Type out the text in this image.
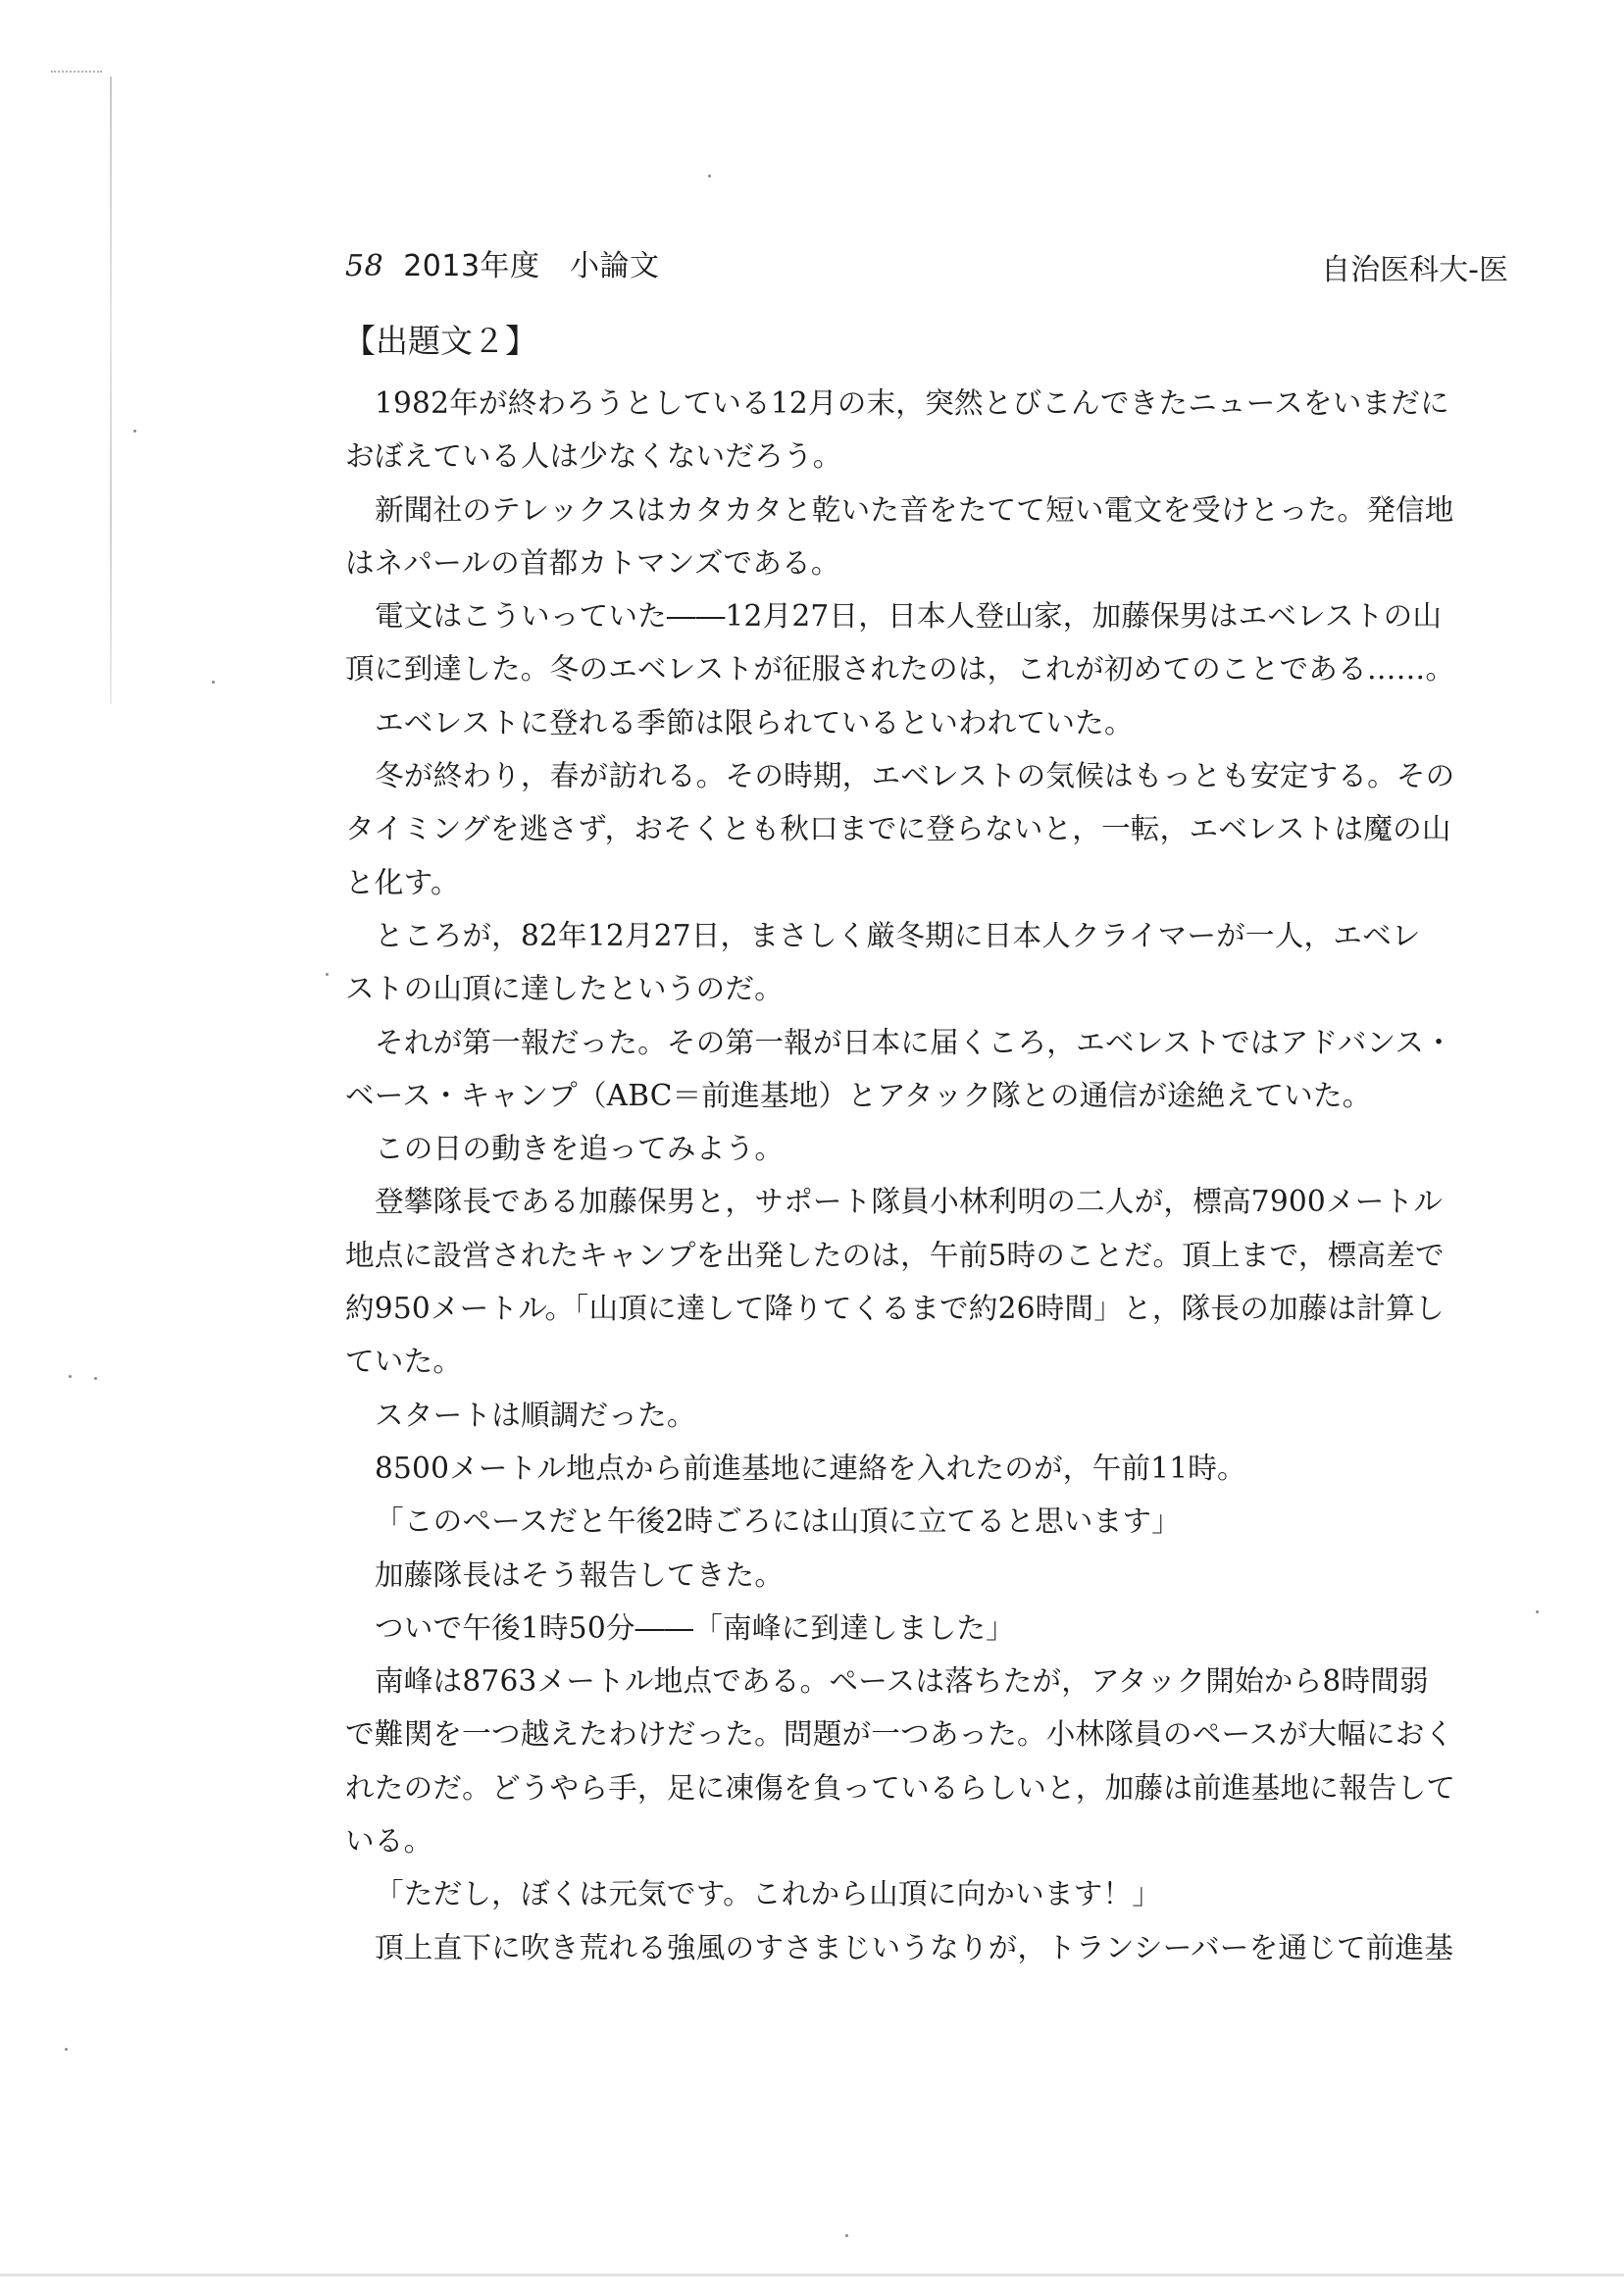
58 2013年度　小論文	自治医科大-医
【出題文２】
1982年が終わろうとしている12月の末，突然とびこんできたニュースをいまだに
おぼえている人は少なくないだろう。
新聞社のテレックスはカタカタと乾いた音をたてて短い電文を受けとった。発信地
はネパールの首都カトマンズである。
電文はこういっていた――12月27日，日本人登山家，加藤保男はエベレストの山
頂に到達した。冬のエベレストが征服されたのは，これが初めてのことである……。
エベレストに登れる季節は限られているといわれていた。
冬が終わり，春が訪れる。その時期，エベレストの気候はもっとも安定する。その
タイミングを逃さず，おそくとも秋口までに登らないと，一転，エベレストは魔の山
と化す。
ところが，82年12月27日，まさしく厳冬期に日本人クライマーが一人，エベレ
ストの山頂に達したというのだ。
それが第一報だった。その第一報が日本に届くころ，エベレストではアドバンス・
ベース・キャンプ（ABC＝前進基地）とアタック隊との通信が途絶えていた。
この日の動きを追ってみよう。
登攀隊長である加藤保男と，サポート隊員小林利明の二人が，標高7900メートル
地点に設営されたキャンプを出発したのは，午前5時のことだ。頂上まで，標高差で
約950メートル。「山頂に達して降りてくるまで約26時間」と，隊長の加藤は計算し
ていた。
スタートは順調だった。
8500メートル地点から前進基地に連絡を入れたのが，午前11時。
「このペースだと午後2時ごろには山頂に立てると思います」
加藤隊長はそう報告してきた。
ついで午後1時50分――「南峰に到達しました」
南峰は8763メートル地点である。ペースは落ちたが，アタック開始から8時間弱
で難関を一つ越えたわけだった。問題が一つあった。小林隊員のペースが大幅におく
れたのだ。どうやら手，足に凍傷を負っているらしいと，加藤は前進基地に報告して
いる。
「ただし，ぼくは元気です。これから山頂に向かいます！」
頂上直下に吹き荒れる強風のすさまじいうなりが，トランシーバーを通じて前進基
